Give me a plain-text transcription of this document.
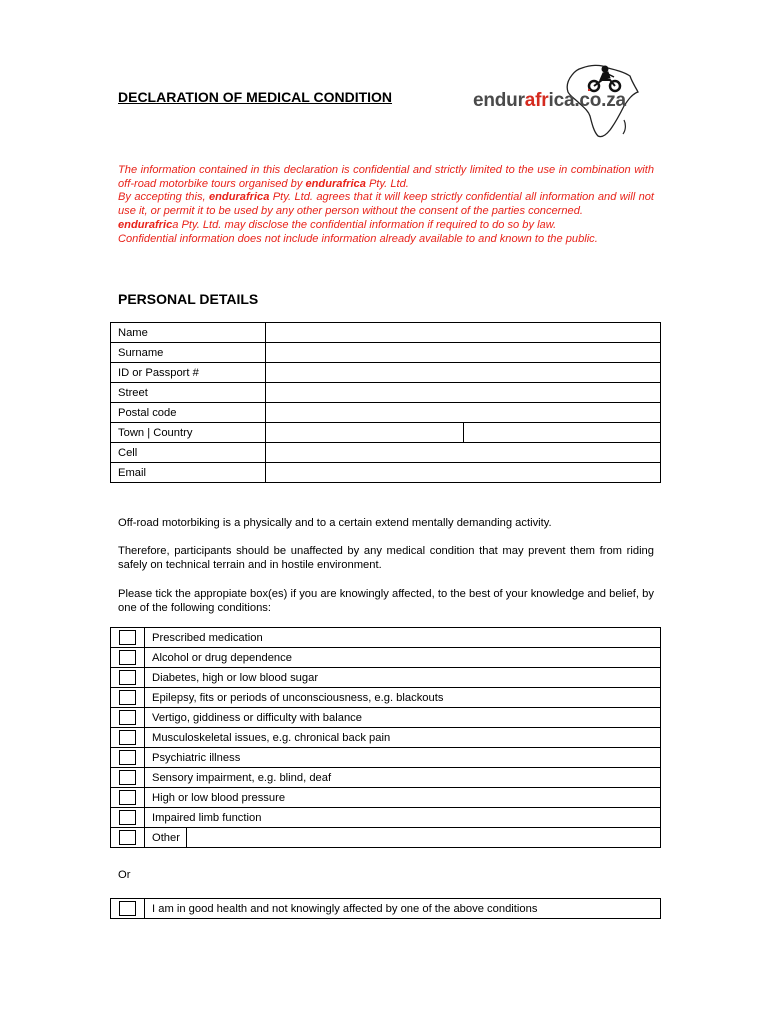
DECLARATION OF MEDICAL CONDITION	endurafrica.co.za

The information contained in this declaration is confidential and strictly limited to the use in combination with off-road motorbike tours organised by endurafrica Pty. Ltd.

By accepting this, endurafrica Pty. Ltd. agrees that it will keep strictly confidential all information and will not use it, or permit it to be used by any other person without the consent of the parties concerned.

endurafrica Pty. Ltd. may disclose the confidential information if required to do so by law.

Confidential information does not include information already available to and known to the public.

PERSONAL DETAILS
Name	
Surname	
ID or Passport #	
Street	
Postal code	
Town | Country	

Cell	
Email	

Off-road motorbiking is a physically and to a certain extend mentally demanding activity.

Therefore, participants should be unaffected by any medical condition that may prevent them from riding safely on technical terrain and in hostile environment.

Please tick the appropiate box(es) if you are knowingly affected, to the best of your knowledge and belief, by one of the following conditions:

	Prescribed medication	
	Alcohol or drug dependence	
	Diabetes, high or low blood sugar	
	Epilepsy, fits or periods of unconsciousness, e.g. blackouts	
	Vertigo, giddiness or difficulty with balance	
	Musculoskeletal issues, e.g. chronical back pain	
	Psychiatric illness	
	Sensory impairment, e.g. blind, deaf	
	High or low blood pressure	
	Impaired limb function	
	Other	
Or
	I am in good health and not knowingly affected by one of the above conditions
